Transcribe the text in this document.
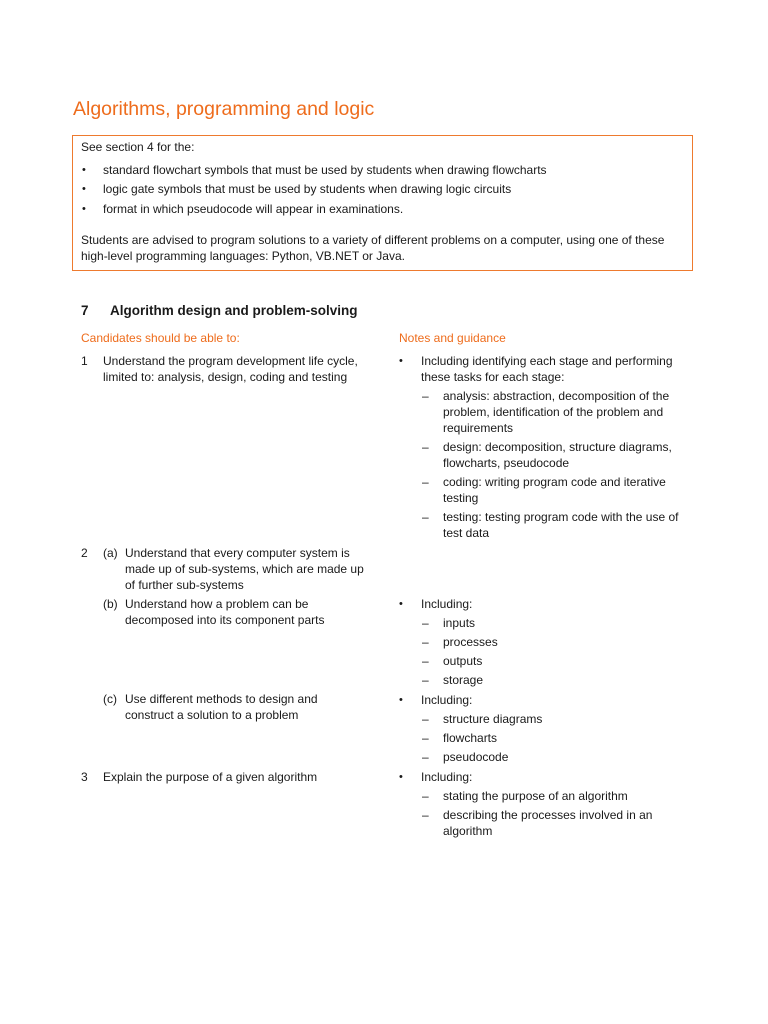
Algorithms, programming and logic
See section 4 for the:
• standard flowchart symbols that must be used by students when drawing flowcharts
• logic gate symbols that must be used by students when drawing logic circuits
• format in which pseudocode will appear in examinations.
Students are advised to program solutions to a variety of different problems on a computer, using one of these
high-level programming languages: Python, VB.NET or Java.
7 Algorithm design and problem-solving
Candidates should be able to:	Notes and guidance
1 Understand the program development life cycle,
limited to: analysis, design, coding and testing
• Including identifying each stage and performing
these tasks for each stage:
– analysis: abstraction, decomposition of the
problem, identification of the problem and
requirements
– design: decomposition, structure diagrams,
flowcharts, pseudocode
– coding: writing program code and iterative
testing
– testing: testing program code with the use of
test data
2 (a) Understand that every computer system is
made up of sub-systems, which are made up
of further sub-systems
(b) Understand how a problem can be
decomposed into its component parts
• Including:
– inputs
– processes
– outputs
– storage
(c) Use different methods to design and
construct a solution to a problem
• Including:
– structure diagrams
– flowcharts
– pseudocode
3 Explain the purpose of a given algorithm	• Including:
– stating the purpose of an algorithm
– describing the processes involved in an
algorithm
